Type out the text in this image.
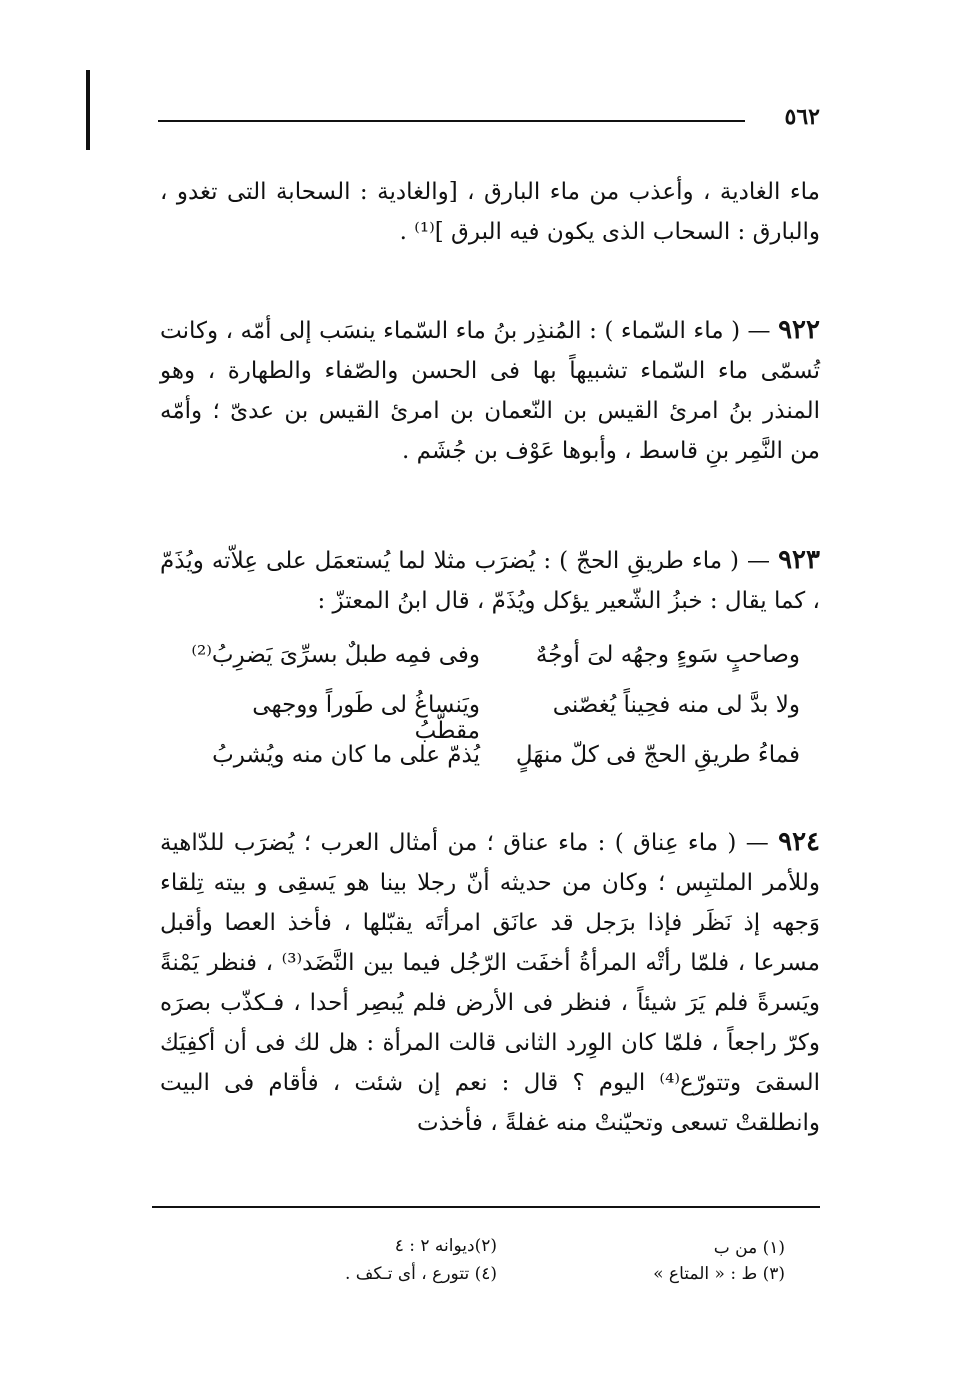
٥٦٢
ماء الغادية ، وأعذب من ماء البارق ، [والغادية : السحابة التى تغدو ، والبارق : السحاب الذى يكون فيه البرق ]⁽¹⁾ .
٩٢٢ — ( ماء السّماء ) : المُنذِر بنُ ماء السّماء ينسَب إلى أمّه ، وكانت تُسمّى ماء السّماء تشبيهاً بها فى الحسن والصّفاء والطهارة ، وهو المنذر بنُ امرئ القيس بن النّعمان بن امرئ القيس بن عدىّ ؛ وأمّه من النَّمِر بنِ قاسط ، وأبوها عَوْف بن جُشَم .
٩٢٣ — ( ماء طريقِ الحجّ ) : يُضرَب مثلا لما يُستعمَل على عِلاّته ويُذَمّ ، كما يقال : خبزُ الشّعير يؤكل ويُذَمّ ، قال ابنُ المعتزّ :
وصاحبٍ سَوءٍ وجهُه لىَ أوجُهٌ
وفى فمِه طبلٌ بسرِّىَ يَضرِبُ⁽²⁾
ولا بدَّ لى منه فحِيناً يُغصّنى
ويَنساغُ لى طَوراً ووجهى مقطّبُ
فماءُ طريقِ الحجّ فى كلّ منهَلٍ
يُذمّ على ما كان منه ويُشربُ
٩٢٤ — ( ماء عِناق ) : ماء عناق ؛ من أمثال العرب ؛ يُضرَب للدّاهية وللأمر الملتبِس ؛ وكان من حديثه أنّ رجلا بينا هو يَسقِى و بيته تِلقاء وَجهه إذ نَظَر فإذا برَجل قد عانَق امرأتَه يقبّلها ، فأخذ العصا وأقبل مسرعا ، فلمّا رأتْه المرأةُ أخفَت الرّجُل فيما بين النَّضَد⁽³⁾ ، فنظر يَمْنةً ويَسرةً فلم يَرَ شيئاً ، فنظر فى الأرض فلم يُبصِر أحدا ، فـكذّب بصرَه وكرّ راجعاً ، فلمّا كان الوِرد الثانى قالت المرأة : هل لك فى أن أكفِيَك السقىَ وتتورّع⁽⁴⁾ اليوم ؟ قال : نعم إن شئت ، فأقام فى البيت وانطلقتْ تسعى وتحيّنتْ منه غفلةً ، فأخذت
(١) من ب
(٢)ديوانه ٢ : ٤
(٣) ط : « المتاع »
(٤) تتورع ، أى تـكف .
